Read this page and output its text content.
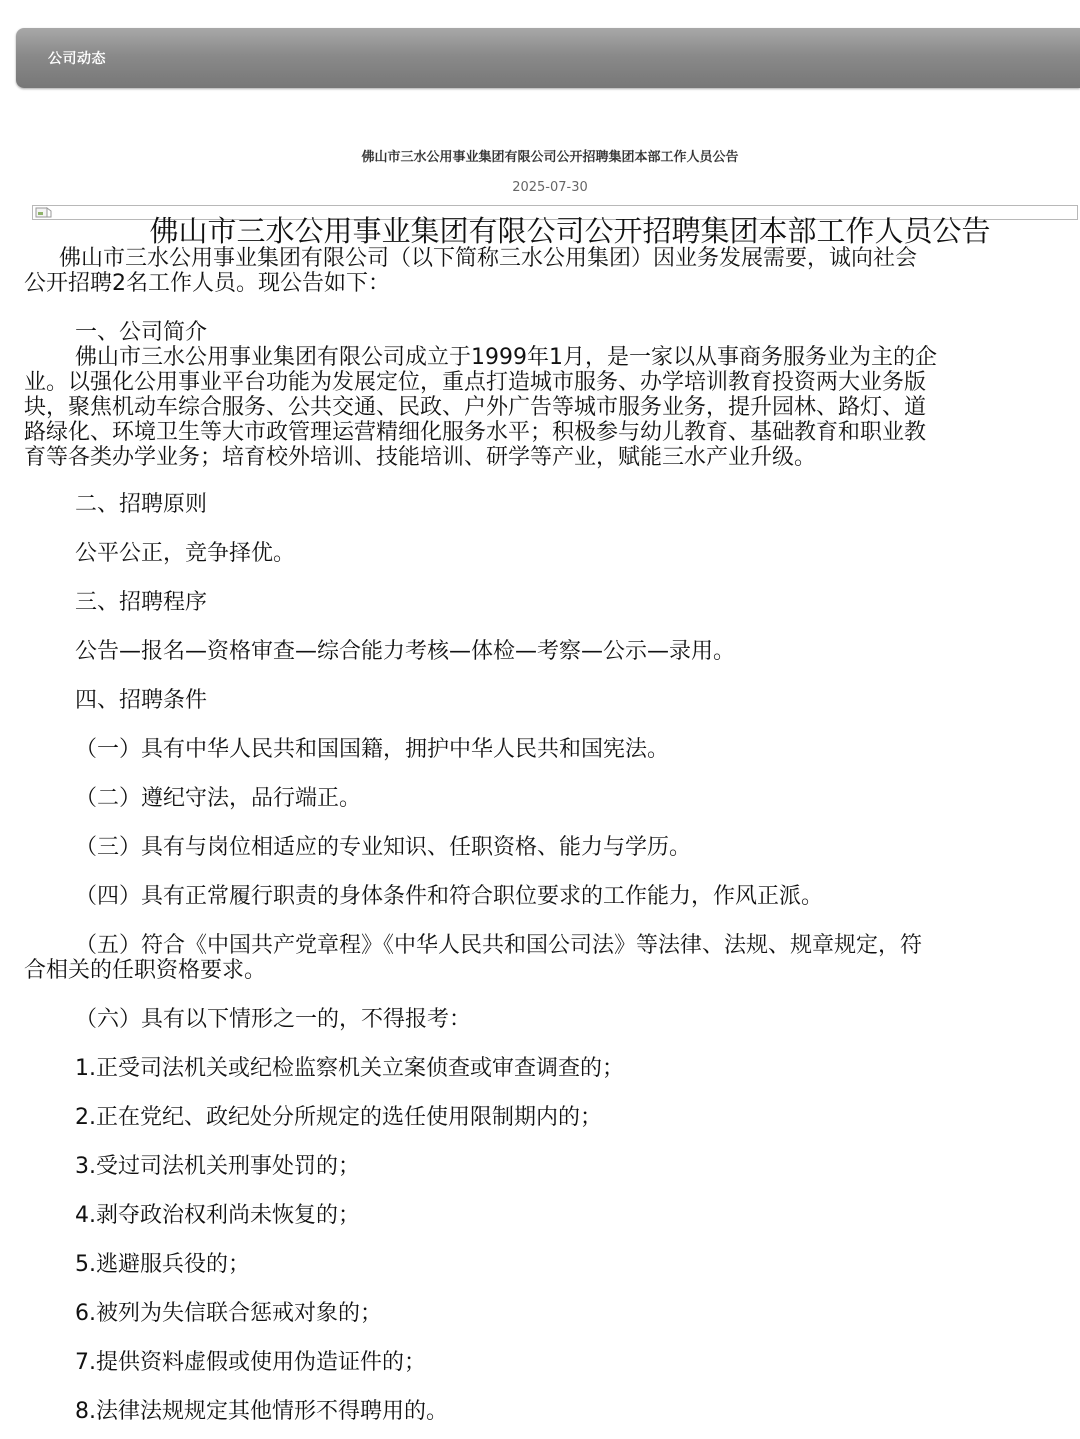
公司动态
佛山市三水公用事业集团有限公司公开招聘集团本部工作人员公告
2025-07-30
佛山市三水公用事业集团有限公司公开招聘集团本部工作人员公告
佛山市三水公用事业集团有限公司（以下简称三水公用集团）因业务发展需要，诚向社会
公开招聘2名工作人员。现公告如下：
一、公司简介
佛山市三水公用事业集团有限公司成立于1999年1月，是一家以从事商务服务业为主的企
业。以强化公用事业平台功能为发展定位，重点打造城市服务、办学培训教育投资两大业务版
块，聚焦机动车综合服务、公共交通、民政、户外广告等城市服务业务，提升园林、路灯、道
路绿化、环境卫生等大市政管理运营精细化服务水平；积极参与幼儿教育、基础教育和职业教
育等各类办学业务；培育校外培训、技能培训、研学等产业，赋能三水产业升级。
二、招聘原则
公平公正，竞争择优。
三、招聘程序
公告—报名—资格审查—综合能力考核—体检—考察—公示—录用。
四、招聘条件
（一）具有中华人民共和国国籍，拥护中华人民共和国宪法。
（二）遵纪守法，品行端正。
（三）具有与岗位相适应的专业知识、任职资格、能力与学历。
（四）具有正常履行职责的身体条件和符合职位要求的工作能力，作风正派。
（五）符合《中国共产党章程》《中华人民共和国公司法》等法律、法规、规章规定，符
合相关的任职资格要求。
（六）具有以下情形之一的，不得报考：
1.正受司法机关或纪检监察机关立案侦查或审查调查的；
2.正在党纪、政纪处分所规定的选任使用限制期内的；
3.受过司法机关刑事处罚的；
4.剥夺政治权利尚未恢复的；
5.逃避服兵役的；
6.被列为失信联合惩戒对象的；
7.提供资料虚假或使用伪造证件的；
8.法律法规规定其他情形不得聘用的。
